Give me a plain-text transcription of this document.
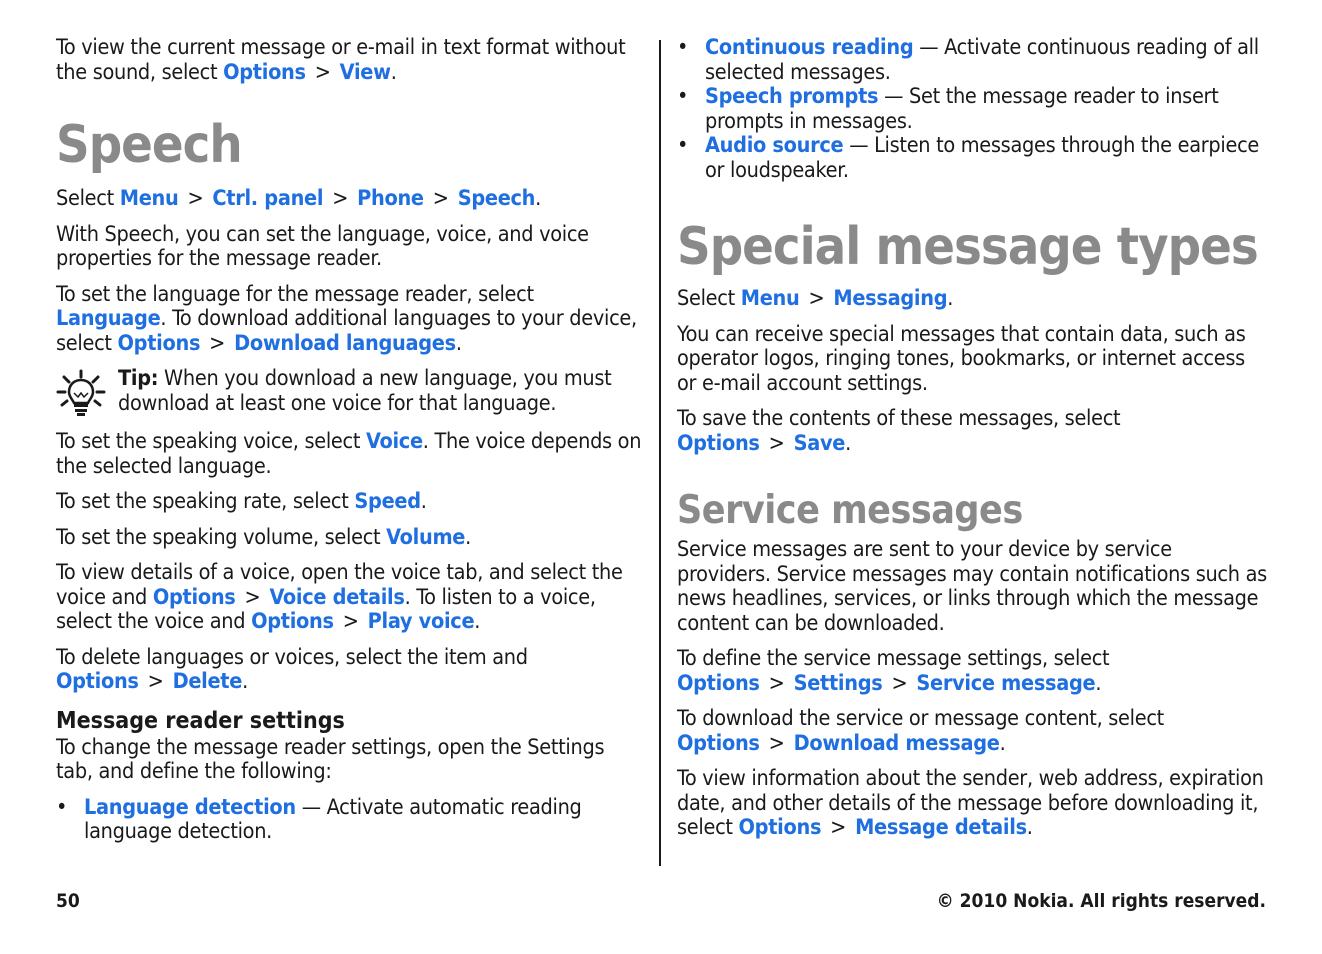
To view the current message or e-mail in text format without the sound, select Options > View.

Speech

Select Menu > Ctrl. panel > Phone > Speech.

With Speech, you can set the language, voice, and voice properties for the message reader.

To set the language for the message reader, select Language. To download additional languages to your device, select Options > Download languages.

Tip: When you download a new language, you must download at least one voice for that language.

To set the speaking voice, select Voice. The voice depends on the selected language.

To set the speaking rate, select Speed.

To set the speaking volume, select Volume.

To view details of a voice, open the voice tab, and select the voice and Options > Voice details. To listen to a voice, select the voice and Options > Play voice.

To delete languages or voices, select the item and Options > Delete.

Message reader settings

To change the message reader settings, open the Settings tab, and define the following:

• Language detection — Activate automatic reading language detection.
• Continuous reading — Activate continuous reading of all selected messages.
• Speech prompts — Set the message reader to insert prompts in messages.
• Audio source — Listen to messages through the earpiece or loudspeaker.
Special message types

Select Menu > Messaging.

You can receive special messages that contain data, such as operator logos, ringing tones, bookmarks, or internet access or e-mail account settings.

To save the contents of these messages, select Options > Save.

Service messages

Service messages are sent to your device by service providers. Service messages may contain notifications such as news headlines, services, or links through which the message content can be downloaded.

To define the service message settings, select Options > Settings > Service message.

To download the service or message content, select Options > Download message.

To view information about the sender, web address, expiration date, and other details of the message before downloading it, select Options > Message details.

50	© 2010 Nokia. All rights reserved.
